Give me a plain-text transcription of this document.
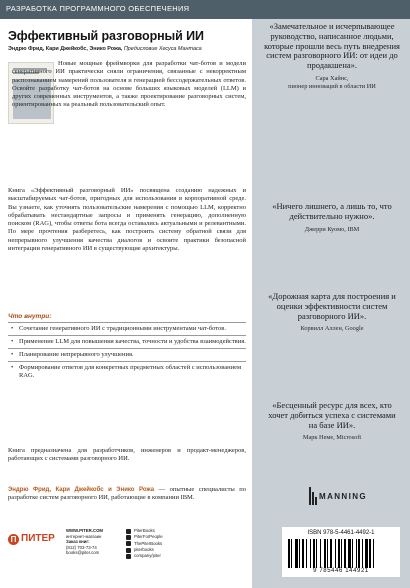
РАЗРАБОТКА ПРОГРАММНОГО ОБЕСПЕЧЕНИЯ
Эффективный разговорный ИИ
Эндрю Фрид, Кари Джейкобс, Энико Рожа, Предисловие Хесуса Мантаса

Новые мощные фреймворки для разработки чат-ботов и модели генеративного ИИ практически сняли ограничения, связанные с некорректным распознаванием намерений пользователя и генерацией бессодержательных ответов. Освойте разработку чат-ботов на основе больших языковых моделей (LLM) и других современных инструментов, а также проектирование разговорных систем, ориентированных на реальный пользовательский опыт.

Книга «Эффективный разговорный ИИ» посвящена созданию надежных и масштабируемых чат-ботов, пригодных для использования в корпоративной среде. Вы узнаете, как уточнять пользовательские намерения с помощью LLM, корректно обрабатывать нестандартные запросы и применять генерацию, дополненную поиском (RAG), чтобы ответы бота всегда оставались актуальными и релевантными. По мере прочтения разберетесь, как построить систему обратной связи для непрерывного улучшения качества диалогов и освоите практики безопасной интеграции генеративного ИИ в существующие архитектуры.

Что внутри:
• Сочетание генеративного ИИ с традиционными инструментами чат-ботов.
• Применение LLM для повышения качества, точности и удобства взаимодействия.
• Планирование непрерывного улучшения.
• Формирование ответов для конкретных предметных областей с использованием RAG.

Книга предназначена для разработчиков, инженеров и продакт-менеджеров, работающих с системами разговорного ИИ.

Эндрю Фрид, Кари Джейкобс и Энико Рожа — опытные специалисты по разработке систем разговорного ИИ, работающие в компании IBM.

П ПИТЕР
WWW.PITER.COM
интернет-магазин
Заказ книг:
(812) 703-73-74
books@piter.com
PiterBooks
PiterForPeople
ThePiterBooks
piterbooks
company/piter
«Замечательное и исчерпывающее руководство, написанное людьми, которые прошли весь путь внедрения систем разговорного ИИ: от идеи до продакшена».
Сара Хайнс,
пионер инноваций в области ИИ
«Ничего лишнего, а лишь то, что действительно нужно».
Джерри Куомо, IBM
«Дорожная карта для построения и оценки эффективности систем разговорного ИИ».
Корвилл Аллен, Google
«Бесценный ресурс для всех, кто хочет добиться успеха с системами на базе ИИ».
Марк Неме, Microsoft
MANNING
ISBN 978-5-4461-4492-1
9 785446 144921
